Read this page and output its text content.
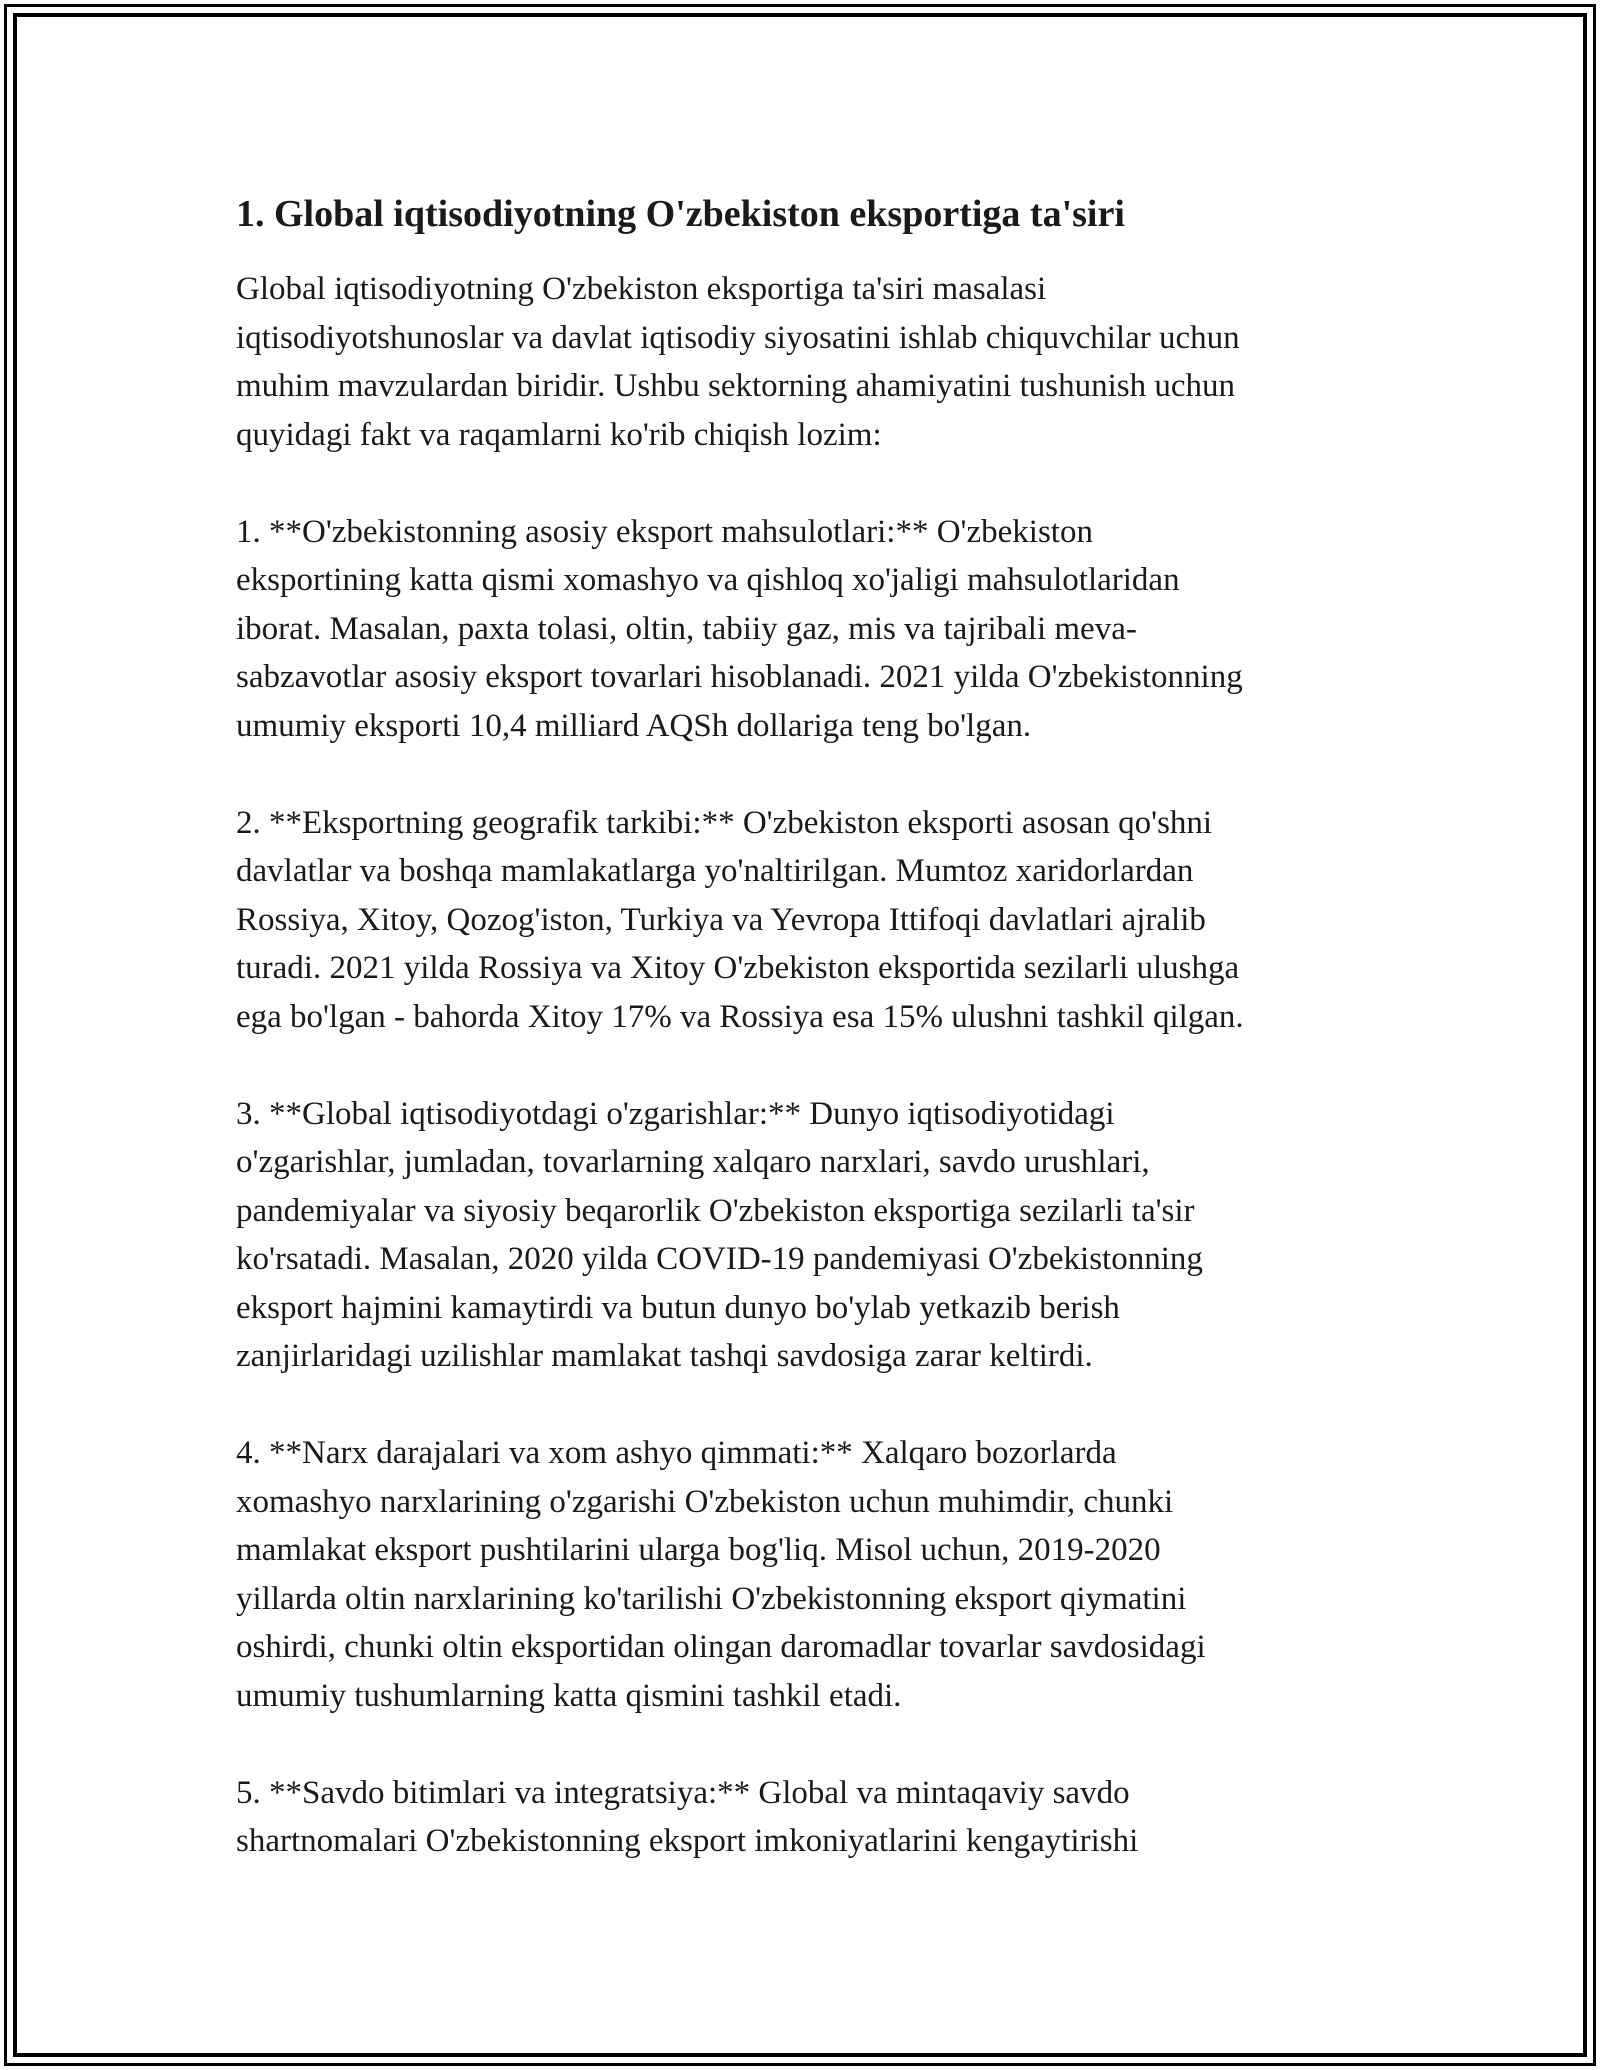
1. Global iqtisodiyotning O'zbekiston eksportiga ta'siri

Global iqtisodiyotning O'zbekiston eksportiga ta'siri masalasi
iqtisodiyotshunoslar va davlat iqtisodiy siyosatini ishlab chiquvchilar uchun
muhim mavzulardan biridir. Ushbu sektorning ahamiyatini tushunish uchun
quyidagi fakt va raqamlarni ko'rib chiqish lozim:

1. **O'zbekistonning asosiy eksport mahsulotlari:** O'zbekiston
eksportining katta qismi xomashyo va qishloq xo'jaligi mahsulotlaridan
iborat. Masalan, paxta tolasi, oltin, tabiiy gaz, mis va tajribali meva-
sabzavotlar asosiy eksport tovarlari hisoblanadi. 2021 yilda O'zbekistonning
umumiy eksporti 10,4 milliard AQSh dollariga teng bo'lgan.

2. **Eksportning geografik tarkibi:** O'zbekiston eksporti asosan qo'shni
davlatlar va boshqa mamlakatlarga yo'naltirilgan. Mumtoz xaridorlardan
Rossiya, Xitoy, Qozog'iston, Turkiya va Yevropa Ittifoqi davlatlari ajralib
turadi. 2021 yilda Rossiya va Xitoy O'zbekiston eksportida sezilarli ulushga
ega bo'lgan - bahorda Xitoy 17% va Rossiya esa 15% ulushni tashkil qilgan.

3. **Global iqtisodiyotdagi o'zgarishlar:** Dunyo iqtisodiyotidagi
o'zgarishlar, jumladan, tovarlarning xalqaro narxlari, savdo urushlari,
pandemiyalar va siyosiy beqarorlik O'zbekiston eksportiga sezilarli ta'sir
ko'rsatadi. Masalan, 2020 yilda COVID-19 pandemiyasi O'zbekistonning
eksport hajmini kamaytirdi va butun dunyo bo'ylab yetkazib berish
zanjirlaridagi uzilishlar mamlakat tashqi savdosiga zarar keltirdi.

4. **Narx darajalari va xom ashyo qimmati:** Xalqaro bozorlarda
xomashyo narxlarining o'zgarishi O'zbekiston uchun muhimdir, chunki
mamlakat eksport pushtilarini ularga bog'liq. Misol uchun, 2019-2020
yillarda oltin narxlarining ko'tarilishi O'zbekistonning eksport qiymatini
oshirdi, chunki oltin eksportidan olingan daromadlar tovarlar savdosidagi
umumiy tushumlarning katta qismini tashkil etadi.

5. **Savdo bitimlari va integratsiya:** Global va mintaqaviy savdo
shartnomalari O'zbekistonning eksport imkoniyatlarini kengaytirishi
